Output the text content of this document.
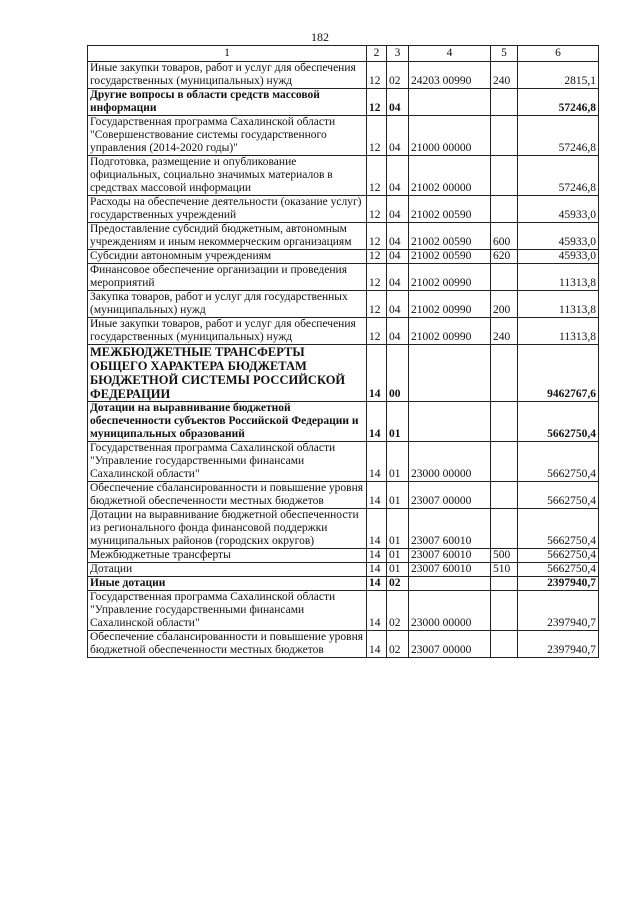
182
1	2	3	4	5	6
Иные закупки товаров, работ и услуг для обеспечения государственных (муниципальных) нужд	12	02	24203 00990	240	2815,1
Другие вопросы в области средств массовой информации	12	04			57246,8
Государственная программа Сахалинской области "Совершенствование системы государственного управления (2014-2020 годы)"	12	04	21000 00000		57246,8
Подготовка, размещение и опубликование официальных, социально значимых материалов в средствах массовой информации	12	04	21002 00000		57246,8
Расходы на обеспечение деятельности (оказание услуг) государственных учреждений	12	04	21002 00590		45933,0
Предоставление субсидий бюджетным, автономным учреждениям и иным некоммерческим организациям	12	04	21002 00590	600	45933,0
Субсидии автономным учреждениям	12	04	21002 00590	620	45933,0
Финансовое обеспечение организации и проведения мероприятий	12	04	21002 00990		11313,8
Закупка товаров, работ и услуг для государственных (муниципальных) нужд	12	04	21002 00990	200	11313,8
Иные закупки товаров, работ и услуг для обеспечения государственных (муниципальных) нужд	12	04	21002 00990	240	11313,8
МЕЖБЮДЖЕТНЫЕ ТРАНСФЕРТЫ ОБЩЕГО ХАРАКТЕРА БЮДЖЕТАМ БЮДЖЕТНОЙ СИСТЕМЫ РОССИЙСКОЙ ФЕДЕРАЦИИ	14	00			9462767,6
Дотации на выравнивание бюджетной обеспеченности субъектов Российской Федерации и муниципальных образований	14	01			5662750,4
Государственная программа Сахалинской области "Управление государственными финансами Сахалинской области"	14	01	23000 00000		5662750,4
Обеспечение сбалансированности и повышение уровня бюджетной обеспеченности местных бюджетов	14	01	23007 00000		5662750,4
Дотации на выравнивание бюджетной обеспеченности из регионального фонда финансовой поддержки муниципальных районов (городских округов)	14	01	23007 60010		5662750,4
Межбюджетные трансферты	14	01	23007 60010	500	5662750,4
Дотации	14	01	23007 60010	510	5662750,4
Иные дотации	14	02			2397940,7
Государственная программа Сахалинской области "Управление государственными финансами Сахалинской области"	14	02	23000 00000		2397940,7
Обеспечение сбалансированности и повышение уровня бюджетной обеспеченности местных бюджетов	14	02	23007 00000		2397940,7
